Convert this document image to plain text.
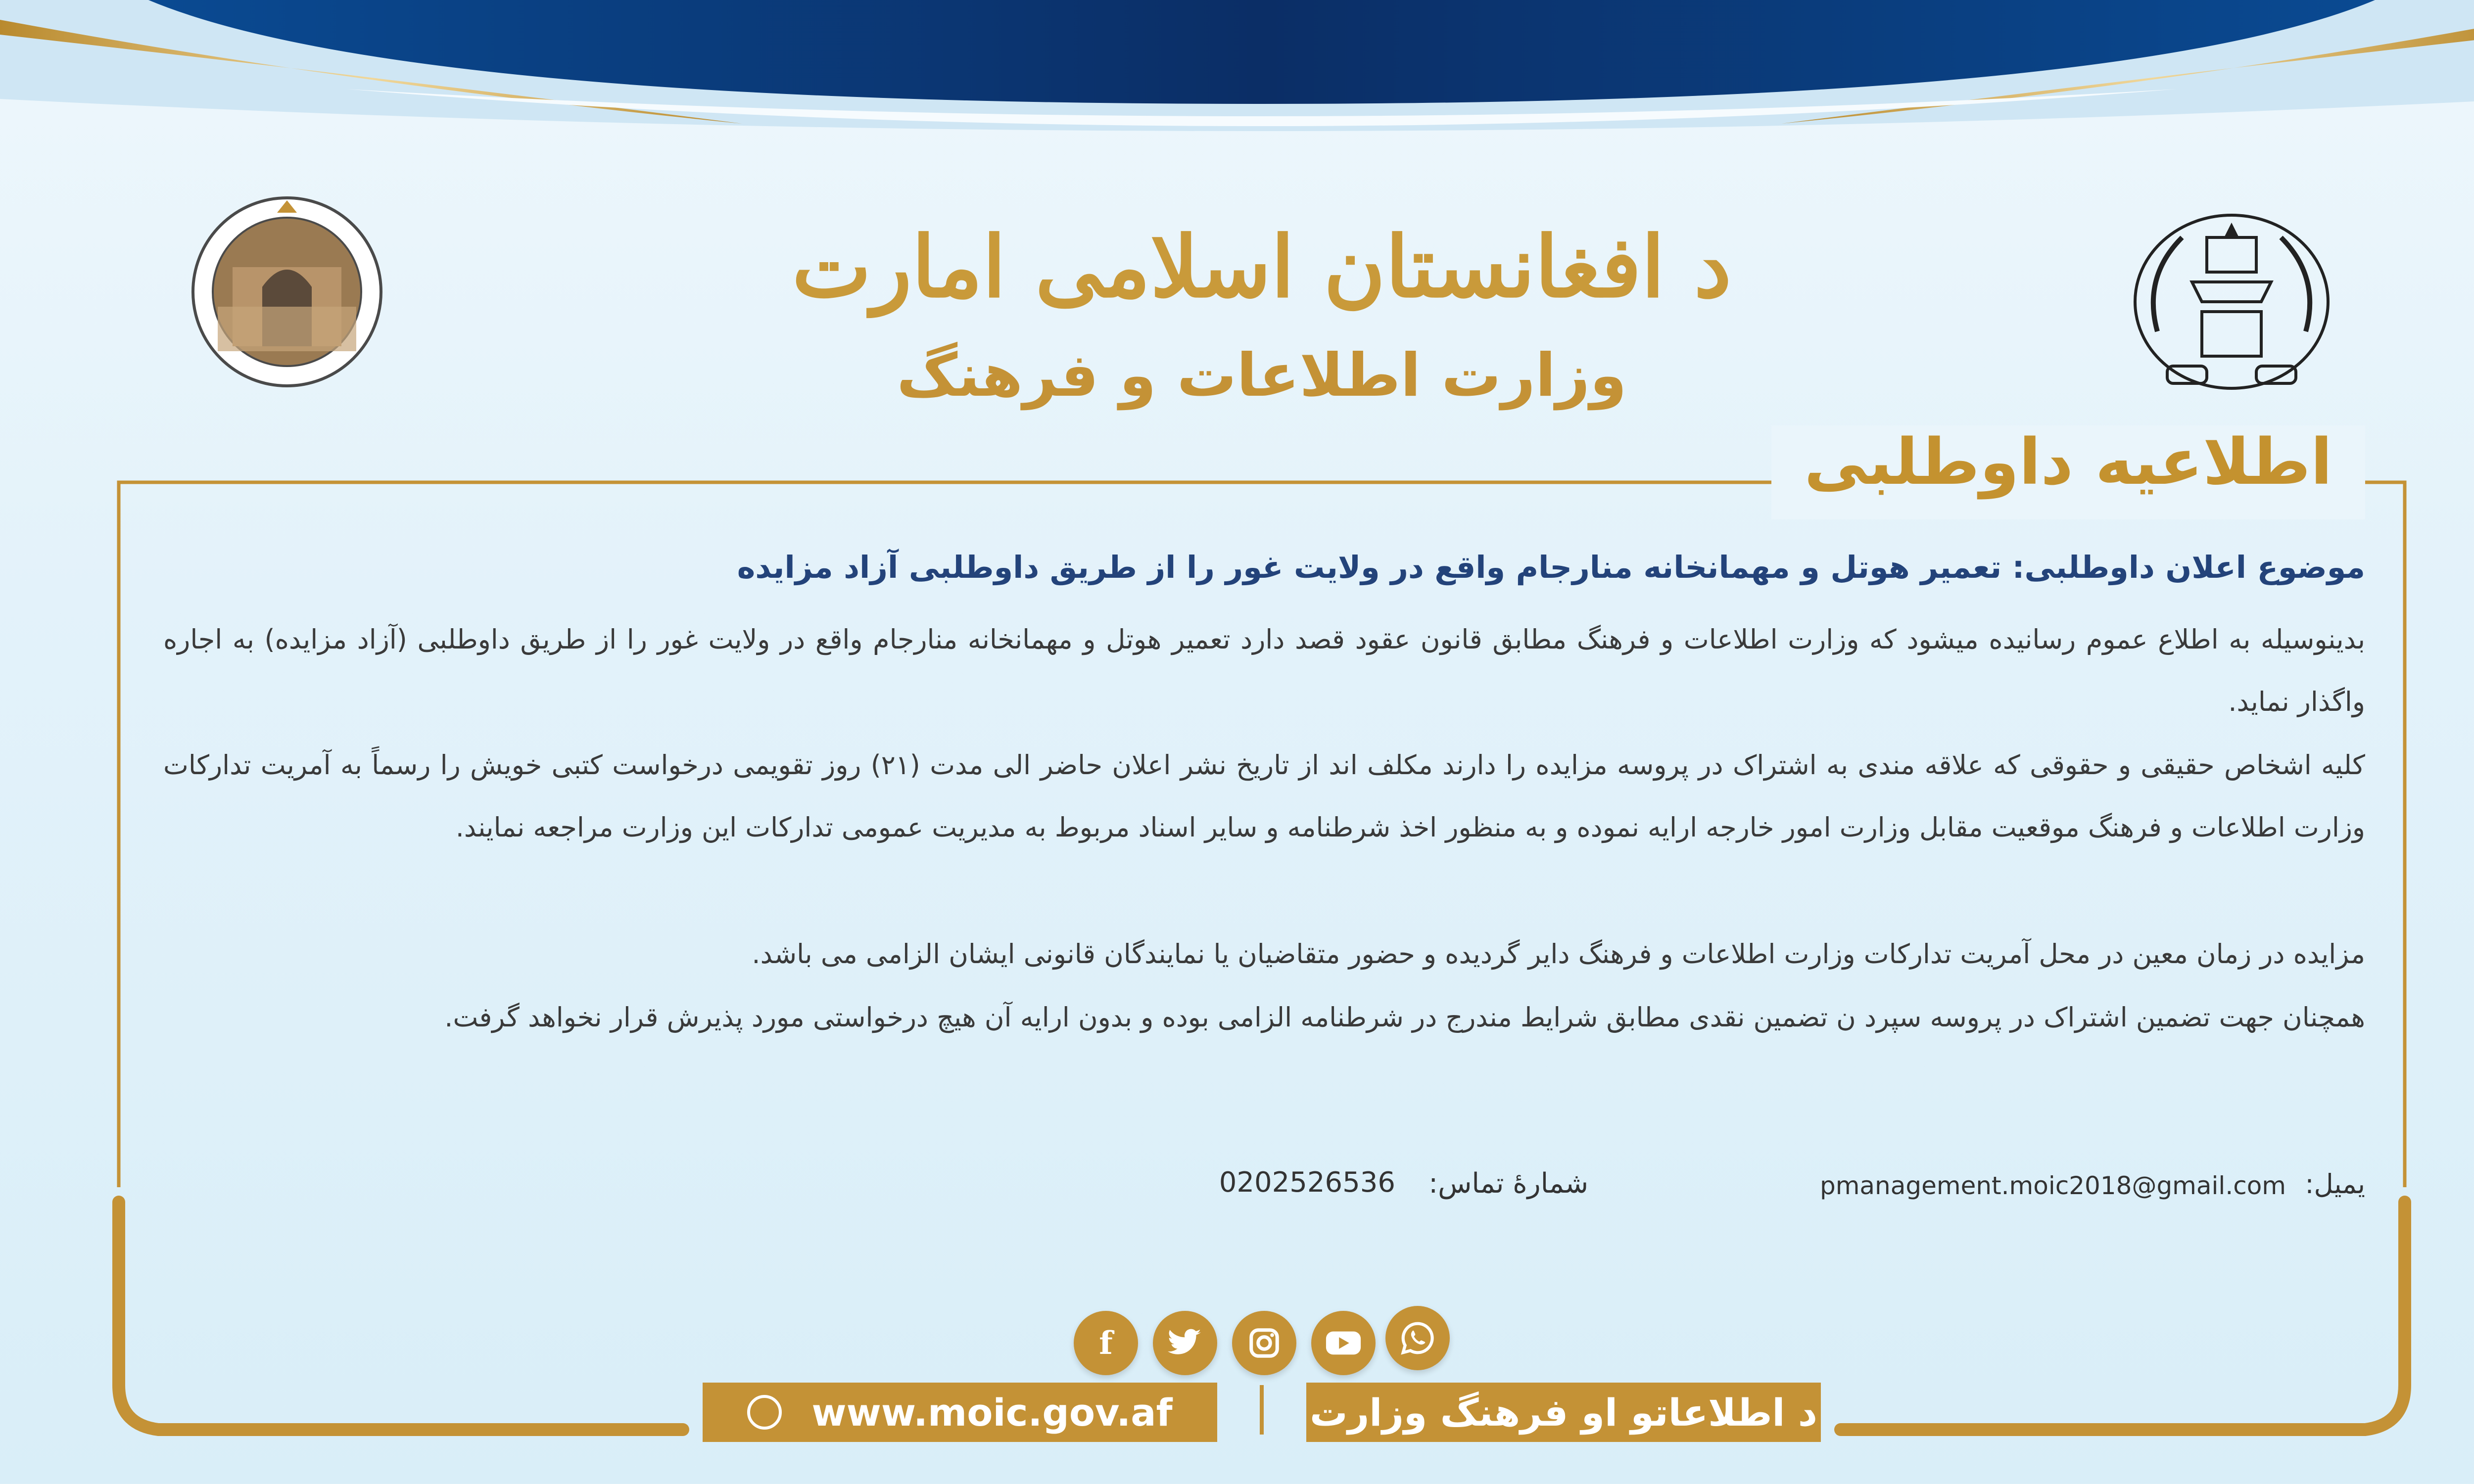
د افغانستان اسلامی امارت
وزارت اطلاعات و فرهنگ
اطلاعیه داوطلبی
موضوع اعلان داوطلبی: تعمیر هوتل و مهمانخانه منارجام واقع در ولایت غور را از طریق داوطلبی آزاد مزایده
بدینوسیله به اطلاع عموم رسانیده میشود که وزارت اطلاعات و فرهنگ مطابق قانون عقود قصد دارد تعمیر هوتل و مهمانخانه منارجام واقع در ولایت غور را از طریق داوطلبی (آزاد مزایده) به اجاره واگذار نماید.
کلیه اشخاص حقیقی و حقوقی که علاقه مندی به اشتراک در پروسه مزایده را دارند مکلف اند از تاریخ نشر اعلان حاضر الی مدت (۲۱) روز تقویمی درخواست کتبی خویش را رسماً به آمریت تدارکات وزارت اطلاعات و فرهنگ موقعیت مقابل وزارت امور خارجه ارایه نموده و به منظور اخذ شرطنامه و سایر اسناد مربوط به مدیریت عمومی تدارکات این وزارت مراجعه نمایند.
مزایده در زمان معین در محل آمریت تدارکات وزارت اطلاعات و فرهنگ دایر گردیده و حضور متقاضیان یا نمایندگان قانونی ایشان الزامی می باشد.
همچنان جهت تضمین اشتراک در پروسه سپرد ن تضمین نقدی مطابق شرایط مندرج در شرطنامه الزامی بوده و بدون ارایه آن هیچ درخواستی مورد پذیرش قرار نخواهد گرفت.
یمیل:
pmanagement.moic2018@gmail.com
شمارۀ تماس:
0202526536
f
www.moic.gov.af	د اطلاعاتو او فرهنگ وزارت
